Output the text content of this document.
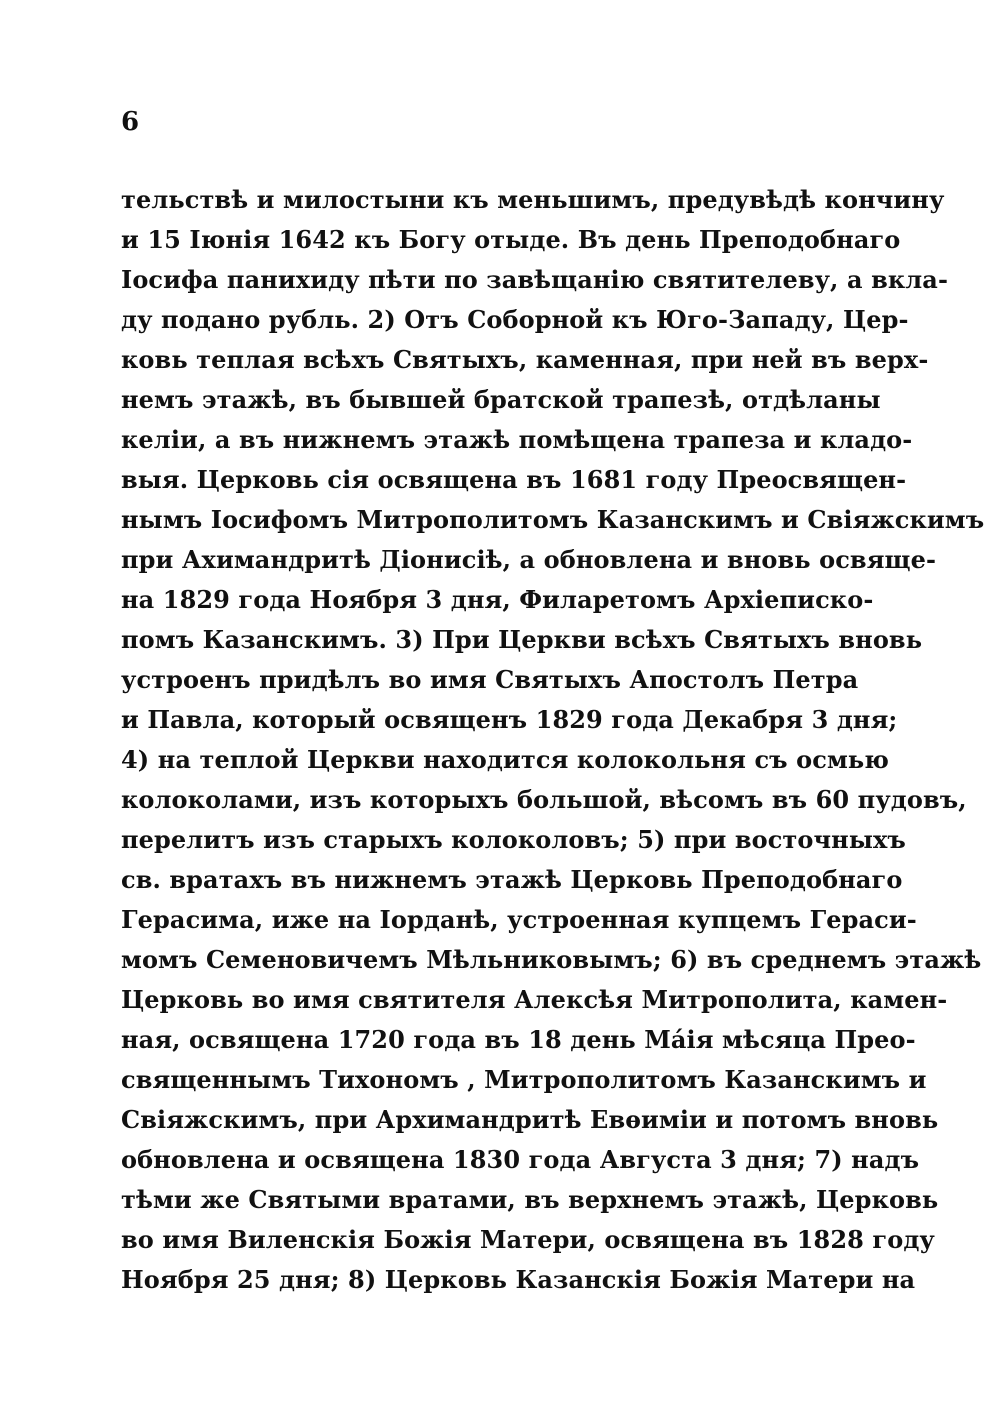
6
тельствѣ и милостыни къ меньшимъ, предувѣдѣ кончину
и 15 Іюнія 1642 къ Богу отыде. Въ день Преподобнаго
Іосифа панихиду пѣти по завѣщанію святителеву, а вкла-
ду подано рубль. 2) Отъ Соборной къ Юго-Западу, Цер-
ковь теплая всѣхъ Святыхъ, каменная, при ней въ верх-
немъ этажѣ, въ бывшей братской трапезѣ, отдѣланы
келіи, а въ нижнемъ этажѣ помѣщена трапеза и кладо-
выя. Церковь сія освящена въ 1681 году Преосвящен-
нымъ Іосифомъ Митрополитомъ Казанскимъ и Свіяжскимъ
при Ахимандритѣ Діонисіѣ, а обновлена и вновь освяще-
на 1829 года Ноября 3 дня, Филаретомъ Архіеписко-
помъ Казанскимъ. 3) При Церкви всѣхъ Святыхъ вновь
устроенъ придѣлъ во имя Святыхъ Апостолъ Петра
и Павла, который освященъ 1829 года Декабря 3 дня;
4) на теплой Церкви находится колокольня съ осмью
колоколами, изъ которыхъ большой, вѣсомъ въ 60 пудовъ,
перелитъ изъ старыхъ колоколовъ; 5) при восточныхъ
св. вратахъ въ нижнемъ этажѣ Церковь Преподобнаго
Герасима, иже на Іорданѣ, устроенная купцемъ Гераси-
момъ Семеновичемъ Мѣльниковымъ; 6) въ среднемъ этажѣ
Церковь во имя святителя Алексѣя Митрополита, камен-
ная, освящена 1720 года въ 18 день Мáія мѣсяца Прео-
священнымъ Тихономъ , Митрополитомъ Казанскимъ и
Свіяжскимъ, при Архимандритѣ Евѳиміи и потомъ вновь
обновлена и освящена 1830 года Августа 3 дня; 7) надъ
тѣми же Святыми вратами, въ верхнемъ этажѣ, Церковь
во имя Виленскія Божія Матери, освящена въ 1828 году
Ноября 25 дня; 8) Церковь Казанскія Божія Матери на
